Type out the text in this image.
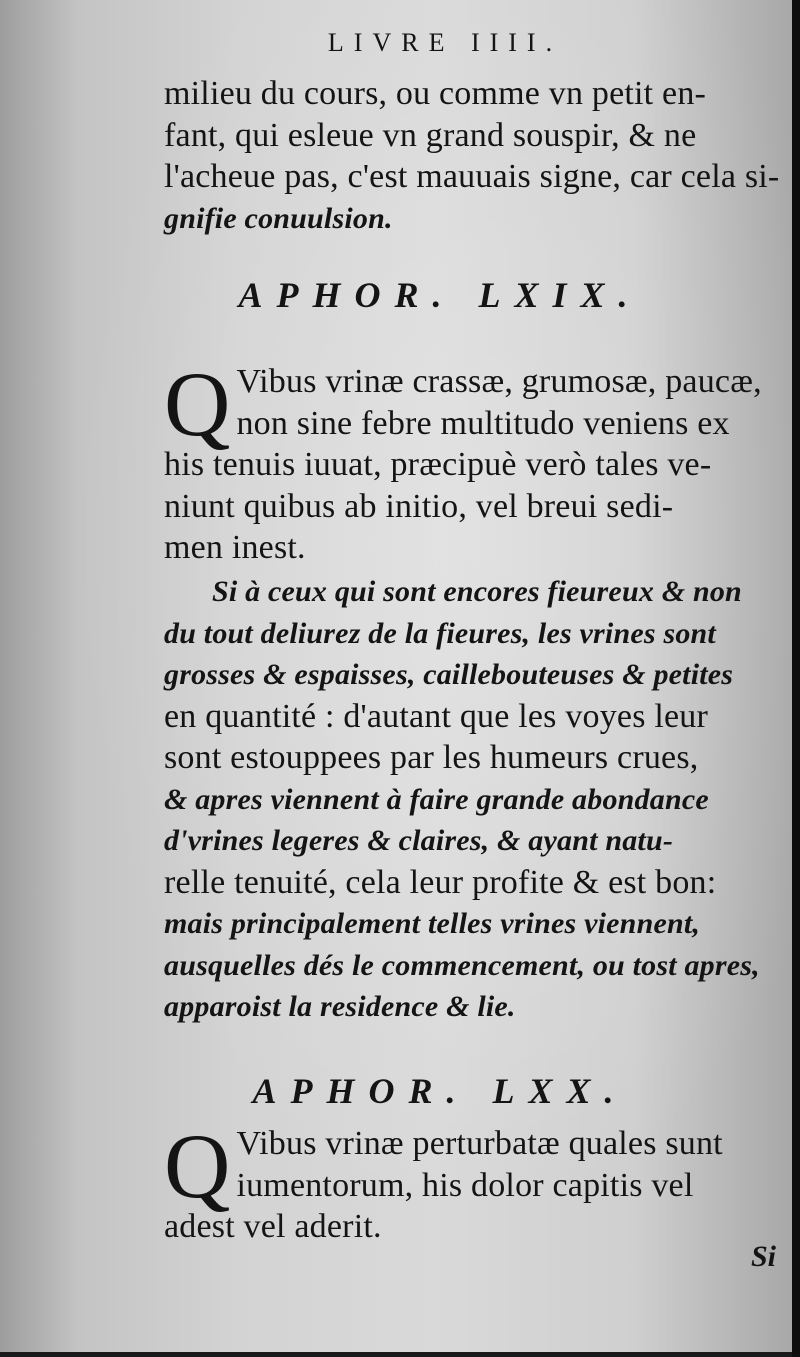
LIVRE IIII.
milieu du cours, ou comme vn petit en-
fant, qui esleue vn grand souspir, & ne
l'acheue pas, c'est mauuais signe, car cela si-
gnifie conuulsion.
APHOR. LXIX.
Q Vibus vrinæ crassæ, grumosæ, paucæ,
non sine febre multitudo veniens ex
his tenuis iuuat, præcipuè verò tales ve-
niunt quibus ab initio, vel breui sedi-
men inest.
Si à ceux qui sont encores fieureux & non
du tout deliurez de la fieures, les vrines sont
grosses & espaisses, caillebouteuses & petites
en quantité : d'autant que les voyes leur
sont estouppees par les humeurs crues,
& apres viennent à faire grande abondance
d'vrines legeres & claires, & ayant natu-
relle tenuité, cela leur profite & est bon:
mais principalement telles vrines viennent,
ausquelles dés le commencement, ou tost apres,
apparoist la residence & lie.
APHOR. LXX.
Q Vibus vrinæ perturbatæ quales sunt
iumentorum, his dolor capitis vel
adest vel aderit.
Si
